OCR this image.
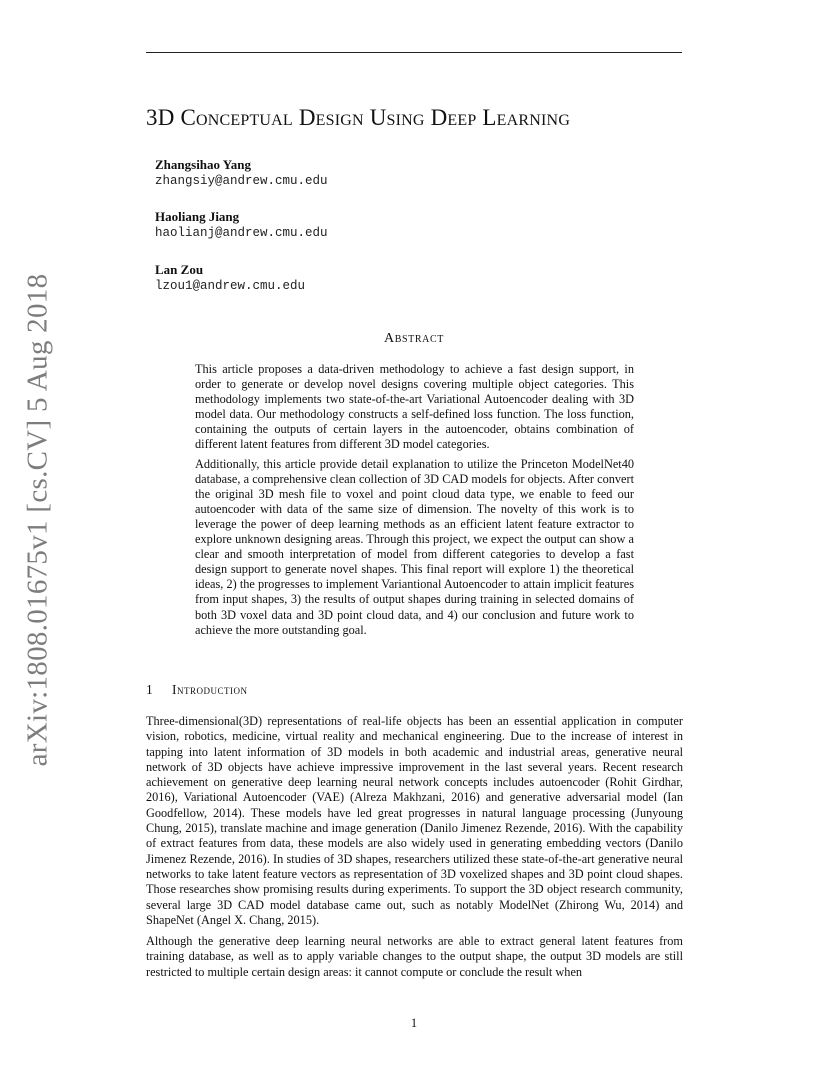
3D Conceptual Design Using Deep Learning
Zhangsihao Yang
zhangsiy@andrew.cmu.edu
Haoliang Jiang
haolianj@andrew.cmu.edu
Lan Zou
lzou1@andrew.cmu.edu
arXiv:1808.01675v1 [cs.CV] 5 Aug 2018	Abstract

This article proposes a data-driven methodology to achieve a fast design support, in order to generate or develop novel designs covering multiple object categories. This methodology implements two state-of-the-art Variational Autoencoder dealing with 3D model data. Our methodology constructs a self-defined loss function. The loss function, containing the outputs of certain layers in the autoencoder, obtains combination of different latent features from different 3D model categories.

Additionally, this article provide detail explanation to utilize the Princeton ModelNet40 database, a comprehensive clean collection of 3D CAD models for objects. After convert the original 3D mesh file to voxel and point cloud data type, we enable to feed our autoencoder with data of the same size of dimension. The novelty of this work is to leverage the power of deep learning methods as an efficient latent feature extractor to explore unknown designing areas. Through this project, we expect the output can show a clear and smooth interpretation of model from different categories to develop a fast design support to generate novel shapes. This final report will explore 1) the theoretical ideas, 2) the progresses to implement Variantional Autoencoder to attain implicit features from input shapes, 3) the results of output shapes during training in selected domains of both 3D voxel data and 3D point cloud data, and 4) our conclusion and future work to achieve the more outstanding goal.

1 Introduction

Three-dimensional(3D) representations of real-life objects has been an essential application in computer vision, robotics, medicine, virtual reality and mechanical engineering. Due to the increase of interest in tapping into latent information of 3D models in both academic and industrial areas, generative neural network of 3D objects have achieve impressive improvement in the last several years. Recent research achievement on generative deep learning neural network concepts includes autoencoder (Rohit Girdhar, 2016), Variational Autoencoder (VAE) (Alreza Makhzani, 2016) and generative adversarial model (Ian Goodfellow, 2014). These models have led great progresses in natural language processing (Junyoung Chung, 2015), translate machine and image generation (Danilo Jimenez Rezende, 2016). With the capability of extract features from data, these models are also widely used in generating embedding vectors (Danilo Jimenez Rezende, 2016). In studies of 3D shapes, researchers utilized these state-of-the-art generative neural networks to take latent feature vectors as representation of 3D voxelized shapes and 3D point cloud shapes. Those researches show promising results during experiments. To support the 3D object research community, several large 3D CAD model database came out, such as notably ModelNet (Zhirong Wu, 2014) and ShapeNet (Angel X. Chang, 2015).

Although the generative deep learning neural networks are able to extract general latent features from training database, as well as to apply variable changes to the output shape, the output 3D models are still restricted to multiple certain design areas: it cannot compute or conclude the result when

1
